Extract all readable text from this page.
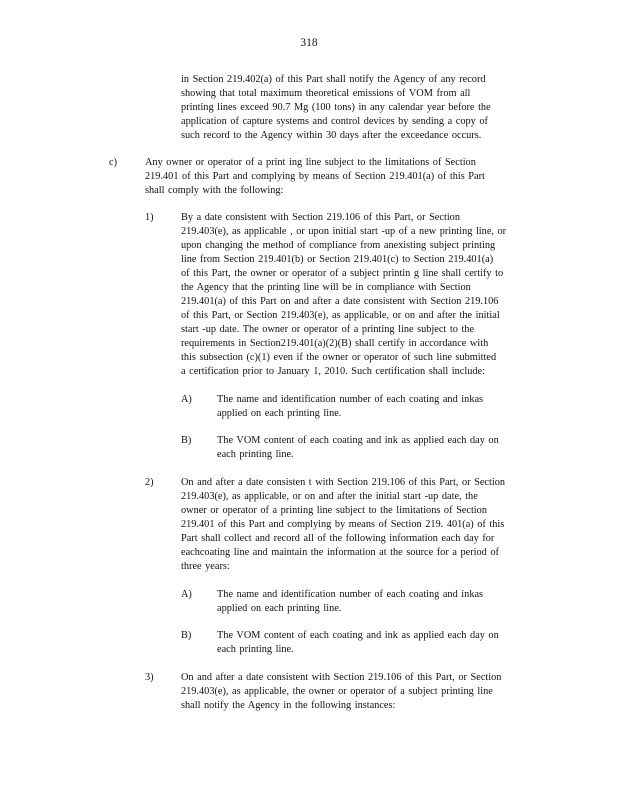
318
in Section 219.402(a) of this Part shall notify the Agency of any record
showing that total maximum theoretical emissions of VOM from all
printing lines exceed 90.7 Mg (100 tons) in any calendar year before the
application of capture systems and control devices by sending a copy of
such record to the Agency within 30 days after the exceedance occurs.
c)	Any owner or operator of a print ing line subject to the limitations of Section
219.401 of this Part and complying by means of Section 219.401(a) of this Part
shall comply with the following:
1)	By a date consistent with Section 219.106 of this Part, or Section
219.403(e), as applicable , or upon initial start -up of a new printing line, or
upon changing the method of compliance from anexisting subject printing
line from Section 219.401(b) or Section 219.401(c) to Section 219.401(a)
of this Part, the owner or operator of a subject printin g line shall certify to
the Agency that the printing line will be in compliance with Section
219.401(a) of this Part on and after a date consistent with Section 219.106
of this Part, or Section 219.403(e), as applicable, or on and after the initial
start -up date. The owner or operator of a printing line subject to the
requirements in Section219.401(a)(2)(B) shall certify in accordance with
this subsection (c)(1) even if the owner or operator of such line submitted
a certification prior to January 1, 2010. Such certification shall include:
A) The name and identification number of each coating and inkas
applied on each printing line.
B) The VOM content of each coating and ink as applied each day on
each printing line.
2)	On and after a date consisten t with Section 219.106 of this Part, or Section
219.403(e), as applicable, or on and after the initial start -up date, the
owner or operator of a printing line subject to the limitations of Section
219.401 of this Part and complying by means of Section 219. 401(a) of this
Part shall collect and record all of the following information each day for
eachcoating line and maintain the information at the source for a period of
three years:
A) The name and identification number of each coating and inkas
applied on each printing line.
B) The VOM content of each coating and ink as applied each day on
each printing line.
3)	On and after a date consistent with Section 219.106 of this Part, or Section
219.403(e), as applicable, the owner or operator of a subject printing line
shall notify the Agency in the following instances:
